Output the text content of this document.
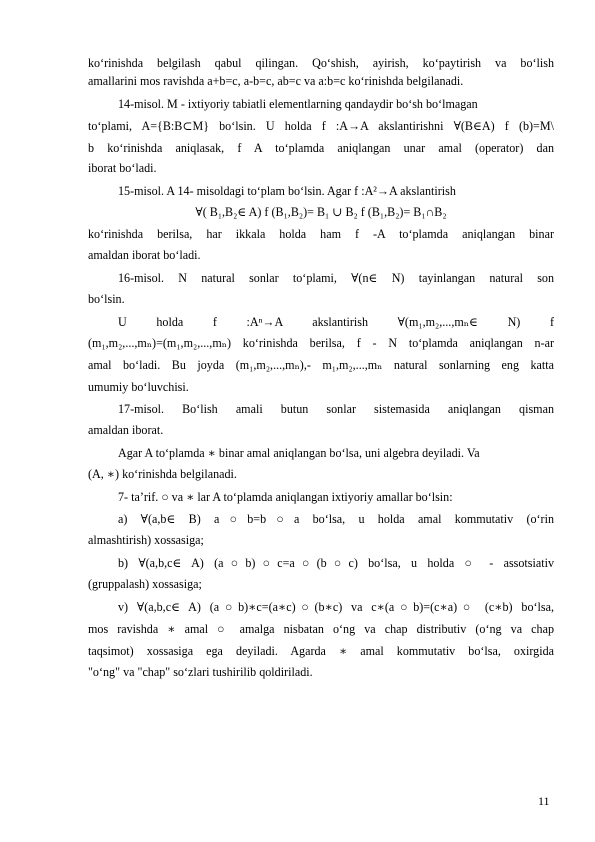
ko‘rinishda belgilash qabul qilingan. Qo‘shish, ayirish, ko‘paytirish va bo‘lish
amallarini mos ravishda a+b=c, a-b=c, ab=c va a:b=c ko‘rinishda belgilanadi.
14-misol. M - ixtiyoriy tabiatli elementlarning qandaydir bo‘sh bo‘lmagan
to‘plami, A={B:B⊂M} bo‘lsin. U holda f :A→A akslantirishni ∀(B∈A) f (b)=M\
b ko‘rinishda aniqlasak, f A to‘plamda aniqlangan unar amal (operator) dan
iborat bo‘ladi.
15-misol. A 14- misoldagi to‘plam bo‘lsin. Agar f :A²→A akslantirish
∀( B₁,B₂∈ A) f (B₁,B₂)= B₁ ∪ B₂ f (B₁,B₂)= B₁∩B₂
ko‘rinishda berilsa, har ikkala holda ham f -A to‘plamda aniqlangan binar
amaldan iborat bo‘ladi.
16-misol. N natural sonlar to‘plami, ∀(n∈ N) tayinlangan natural son
bo‘lsin.
U holda f :Aⁿ→A akslantirish ∀(m₁,m₂,...,mₙ∈ N) f
(m₁,m₂,...,mₙ)=(m₁,m₂,...,mₙ) ko‘rinishda berilsa, f - N to‘plamda aniqlangan n-ar
amal bo‘ladi. Bu joyda (m₁,m₂,...,mₙ),- m₁,m₂,...,mₙ natural sonlarning eng katta
umumiy bo‘luvchisi.
17-misol. Bo‘lish amali butun sonlar sistemasida aniqlangan qisman
amaldan iborat.
Agar A to‘plamda ∗ binar amal aniqlangan bo‘lsa, uni algebra deyiladi. Va
(A, ∗) ko‘rinishda belgilanadi.
7- ta’rif. ○ va ∗ lar A to‘plamda aniqlangan ixtiyoriy amallar bo‘lsin:
a) ∀(a,b∈ B) a○b=b○a bo‘lsa, u holda amal kommutativ (o‘rin
almashtirish) xossasiga;
b) ∀(a,b,c∈ A) (a○b)○c=a○(b○c) bo‘lsa, u holda ○ - assotsiativ
(gruppalash) xossasiga;
v) ∀(a,b,c∈ A) (a○b)∗c=(a∗c)○(b∗c) va c∗(a○b)=(c∗a)○ (c∗b) bo‘lsa,
mos ravishda ∗ amal ○ amalga nisbatan o‘ng va chap distributiv (o‘ng va chap
taqsimot) xossasiga ega deyiladi. Agarda ∗ amal kommutativ bo‘lsa, oxirgida
"o‘ng" va "chap" so‘zlari tushirilib qoldiriladi.
11
